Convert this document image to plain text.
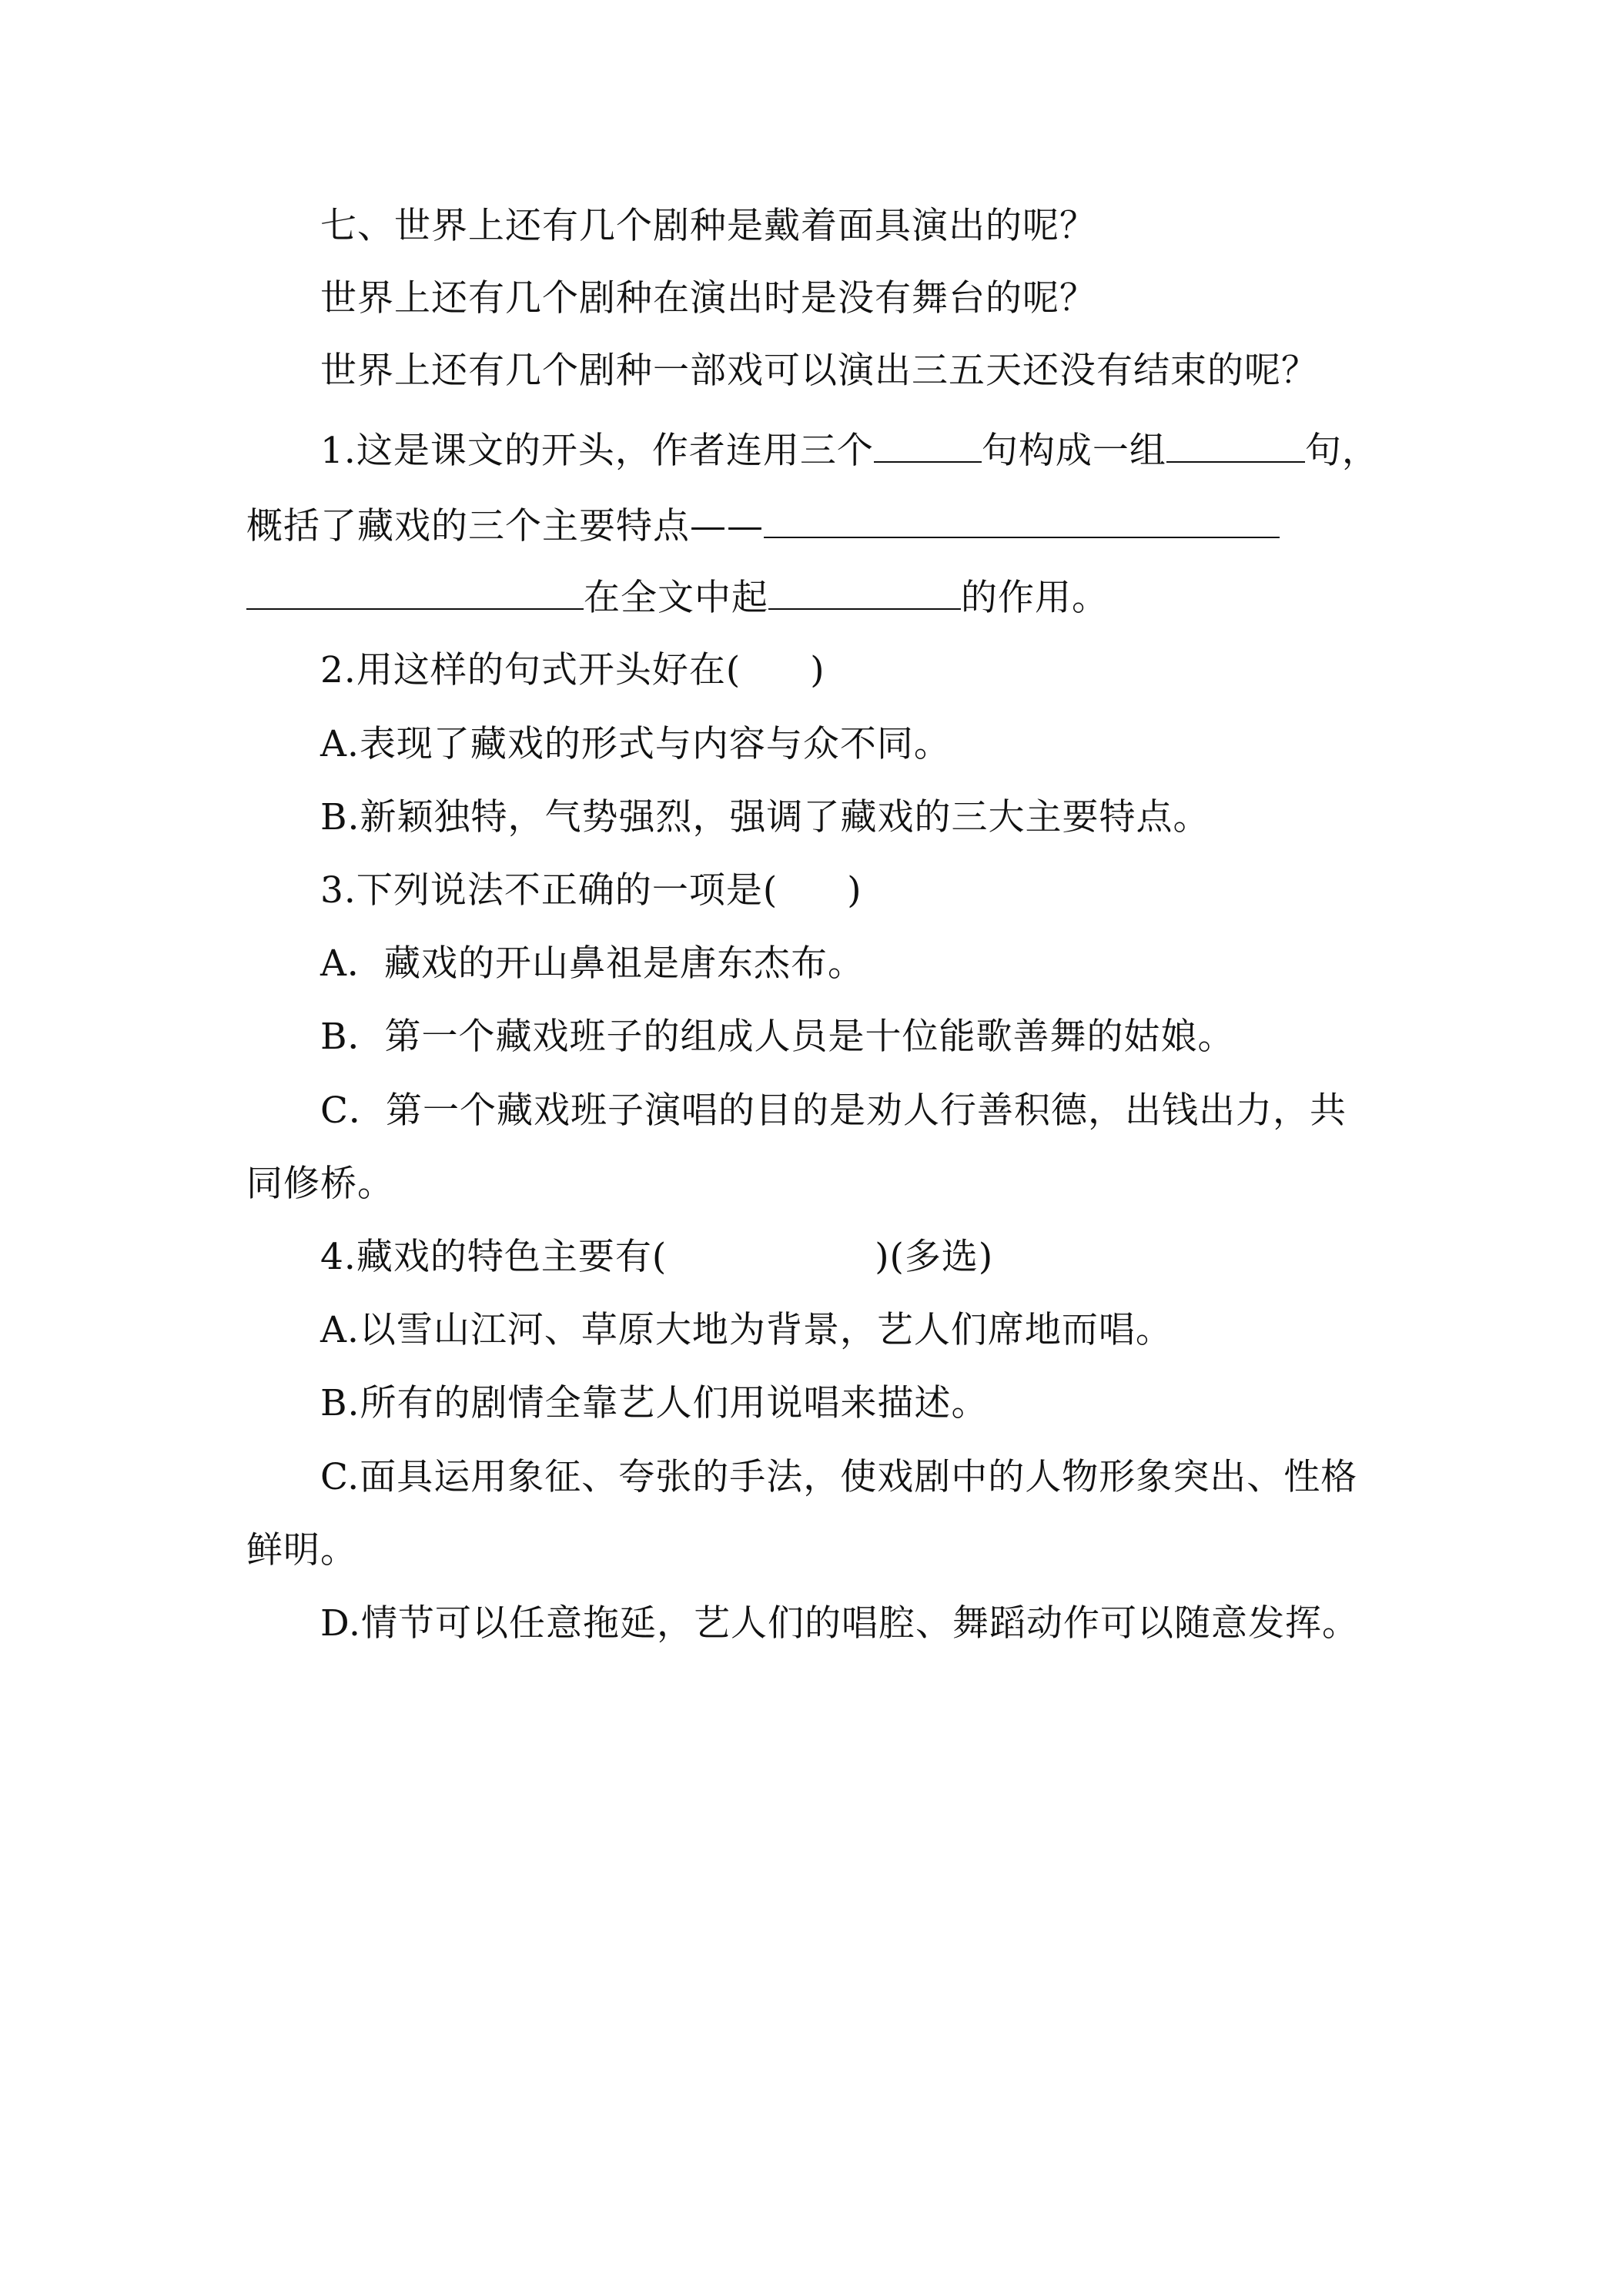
七、世界上还有几个剧种是戴着面具演出的呢？
世界上还有几个剧种在演出时是没有舞台的呢？
世界上还有几个剧种一部戏可以演出三五天还没有结束的呢？
1.这是课文的开头，作者连用三个	句构成一组	句，
概括了藏戏的三个主要特点——
在全文中起	的作用。
2.用这样的句式开头好在( )
A.表现了藏戏的形式与内容与众不同。
B.新颖独特，气势强烈，强调了藏戏的三大主要特点。
3.下列说法不正确的一项是( )
A．藏戏的开山鼻祖是唐东杰布。
B．第一个藏戏班子的组成人员是十位能歌善舞的姑娘。
C．第一个藏戏班子演唱的目的是劝人行善积德，出钱出力，共
同修桥。
4.藏戏的特色主要有(	)(多选)
A.以雪山江河、草原大地为背景，艺人们席地而唱。
B.所有的剧情全靠艺人们用说唱来描述。
C.面具运用象征、夸张的手法，使戏剧中的人物形象突出、性格
鲜明。
D.情节可以任意拖延，艺人们的唱腔、舞蹈动作可以随意发挥。
